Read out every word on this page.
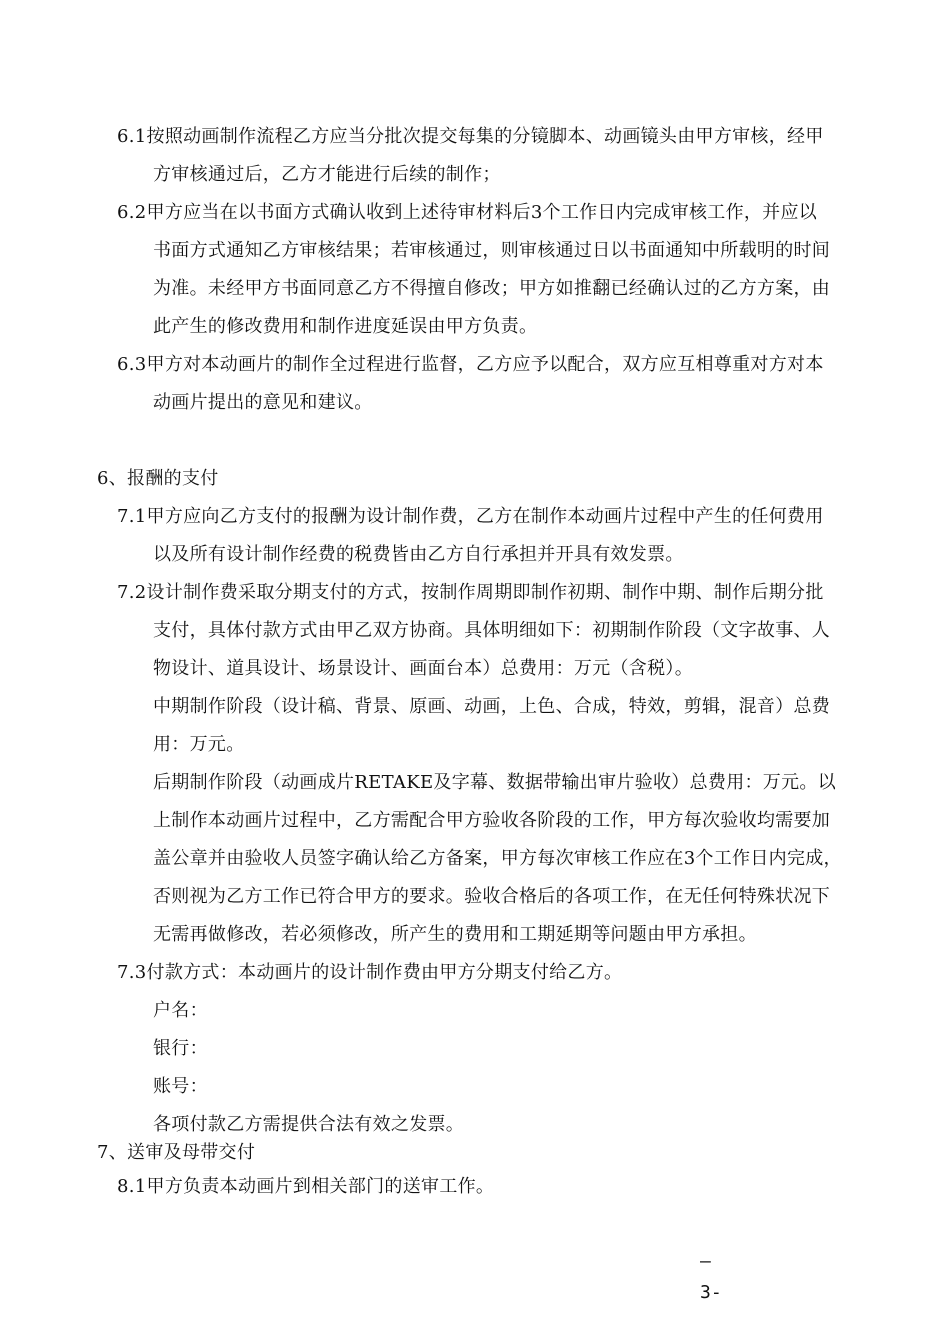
6.1按照动画制作流程乙方应当分批次提交每集的分镜脚本、动画镜头由甲方审核，经甲
方审核通过后，乙方才能进行后续的制作；
6.2甲方应当在以书面方式确认收到上述待审材料后3个工作日内完成审核工作，并应以
书面方式通知乙方审核结果；若审核通过，则审核通过日以书面通知中所载明的时间
为准。未经甲方书面同意乙方不得擅自修改；甲方如推翻已经确认过的乙方方案，由
此产生的修改费用和制作进度延误由甲方负责。
6.3甲方对本动画片的制作全过程进行监督，乙方应予以配合，双方应互相尊重对方对本
动画片提出的意见和建议。
6、报酬的支付
7.1甲方应向乙方支付的报酬为设计制作费，乙方在制作本动画片过程中产生的任何费用
以及所有设计制作经费的税费皆由乙方自行承担并开具有效发票。
7.2设计制作费采取分期支付的方式，按制作周期即制作初期、制作中期、制作后期分批
支付，具体付款方式由甲乙双方协商。具体明细如下：初期制作阶段（文字故事、人
物设计、道具设计、场景设计、画面台本）总费用：万元（含税）。
中期制作阶段（设计稿、背景、原画、动画，上色、合成，特效，剪辑，混音）总费
用：万元。
后期制作阶段（动画成片RETAKE及字幕、数据带输出审片验收）总费用：万元。以
上制作本动画片过程中，乙方需配合甲方验收各阶段的工作，甲方每次验收均需要加
盖公章并由验收人员签字确认给乙方备案，甲方每次审核工作应在3个工作日内完成，
否则视为乙方工作已符合甲方的要求。验收合格后的各项工作，在无任何特殊状况下
无需再做修改，若必须修改，所产生的费用和工期延期等问题由甲方承担。
7.3付款方式：本动画片的设计制作费由甲方分期支付给乙方。
户名：
银行：
账号：
各项付款乙方需提供合法有效之发票。
7、送审及母带交付
8.1甲方负责本动画片到相关部门的送审工作。
–
3-
